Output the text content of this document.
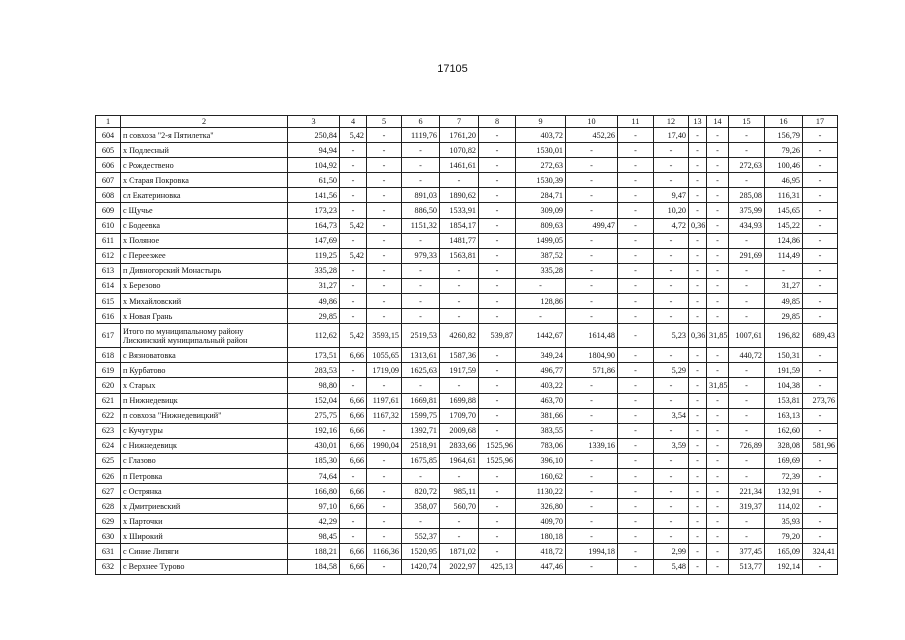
17105
1	2	3	4	5	6	7	8	9	10	11	12	13	14	15	16	17
604	п совхоза "2-я Пятилетка"	250,84	5,42	-	1119,76	1761,20	-	403,72	452,26	-	17,40	-	-	-	156,79	-
605	х Подлесный	94,94	-	-	-	1070,82	-	1530,01	-	-	-	-	-	-	79,26	-
606	с Рождествено	104,92	-	-	-	1461,61	-	272,63	-	-	-	-	-	272,63	100,46	-
607	х Старая Покровка	61,50	-	-	-	-	-	1530,39	-	-	-	-	-	-	46,95	-
608	сл Екатериновка	141,56	-	-	891,03	1890,62	-	284,71	-	-	9,47	-	-	285,08	116,31	-
609	с Щучье	173,23	-	-	886,50	1533,91	-	309,09	-	-	10,20	-	-	375,99	145,65	-
610	с Бодеевка	164,73	5,42	-	1151,32	1854,17	-	809,63	499,47	-	4,72	0,36	-	434,93	145,22	-
611	х Поляное	147,69	-	-	-	1481,77	-	1499,05	-	-	-	-	-	-	124,86	-
612	с Переезжее	119,25	5,42	-	979,33	1563,81	-	387,52	-	-	-	-	-	291,69	114,49	-
613	п Дивногорский Монастырь	335,28	-	-	-	-	-	335,28	-	-	-	-	-	-	-	-
614	х Березово	31,27	-	-	-	-	-	-	-	-	-	-	-	-	31,27	-
615	х Михайловский	49,86	-	-	-	-	-	128,86	-	-	-	-	-	-	49,85	-
616	х Новая Грань	29,85	-	-	-	-	-	-	-	-	-	-	-	-	29,85	-
617	Итого по муниципальному району Лискинский муниципальный район	112,62	5,42	3593,15	2519,53	4260,82	539,87	1442,67	1614,48	-	5,23	0,36	31,85	1007,61	196,82	689,43
618	с Вязноватовка	173,51	6,66	1055,65	1313,61	1587,36	-	349,24	1804,90	-	-	-	-	440,72	150,31	-
619	п Курбатово	283,53	-	1719,09	1625,63	1917,59	-	496,77	571,86	-	5,29	-	-	-	191,59	-
620	х Старых	98,80	-	-	-	-	-	403,22	-	-	-	-	31,85	-	104,38	-
621	п Нижнедевицк	152,04	6,66	1197,61	1669,81	1699,88	-	463,70	-	-	-	-	-	-	153,81	273,76
622	п совхоза "Нижнедевицкий"	275,75	6,66	1167,32	1599,75	1709,70	-	381,66	-	-	3,54	-	-	-	163,13	-
623	с Кучугуры	192,16	6,66	-	1392,71	2009,68	-	383,55	-	-	-	-	-	-	162,60	-
624	с Нижнедевицк	430,01	6,66	1990,04	2518,91	2833,66	1525,96	783,06	1339,16	-	3,59	-	-	726,89	328,08	581,96
625	с Глазово	185,30	6,66	-	1675,85	1964,61	1525,96	396,10	-	-	-	-	-	-	169,69	-
626	п Петровка	74,64	-	-	-	-	-	160,62	-	-	-	-	-	-	72,39	-
627	с Острянка	166,80	6,66	-	820,72	985,11	-	1130,22	-	-	-	-	-	221,34	132,91	-
628	х Дмитриевский	97,10	6,66	-	358,07	560,70	-	326,80	-	-	-	-	-	319,37	114,02	-
629	х Парточки	42,29	-	-	-	-	-	409,70	-	-	-	-	-	-	35,93	-
630	х Широкий	98,45	-	-	552,37	-	-	180,18	-	-	-	-	-	-	79,20	-
631	с Синие Липяги	188,21	6,66	1166,36	1520,95	1871,02	-	418,72	1994,18	-	2,99	-	-	377,45	165,09	324,41
632	с Верхнее Турово	184,58	6,66	-	1420,74	2022,97	425,13	447,46	-	-	5,48	-	-	513,77	192,14	-
